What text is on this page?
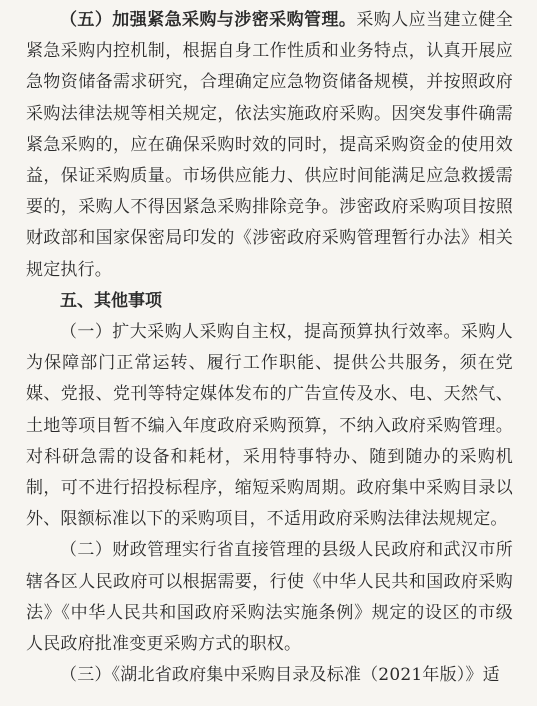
（五）加强紧急采购与涉密采购管理。采购人应当建立健全紧急采购内控机制，根据自身工作性质和业务特点，认真开展应急物资储备需求研究，合理确定应急物资储备规模，并按照政府采购法律法规等相关规定，依法实施政府采购。因突发事件确需紧急采购的，应在确保采购时效的同时，提高采购资金的使用效益，保证采购质量。市场供应能力、供应时间能满足应急救援需要的，采购人不得因紧急采购排除竞争。涉密政府采购项目按照财政部和国家保密局印发的《涉密政府采购管理暂行办法》相关规定执行。

五、其他事项

（一）扩大采购人采购自主权，提高预算执行效率。采购人为保障部门正常运转、履行工作职能、提供公共服务，须在党媒、党报、党刊等特定媒体发布的广告宣传及水、电、天然气、土地等项目暂不编入年度政府采购预算，不纳入政府采购管理。对科研急需的设备和耗材，采用特事特办、随到随办的采购机制，可不进行招投标程序，缩短采购周期。政府集中采购目录以外、限额标准以下的采购项目，不适用政府采购法律法规规定。

（二）财政管理实行省直接管理的县级人民政府和武汉市所辖各区人民政府可以根据需要，行使《中华人民共和国政府采购法》《中华人民共和国政府采购法实施条例》规定的设区的市级人民政府批准变更采购方式的职权。

（三）《湖北省政府集中采购目录及标准（2021年版）》适
